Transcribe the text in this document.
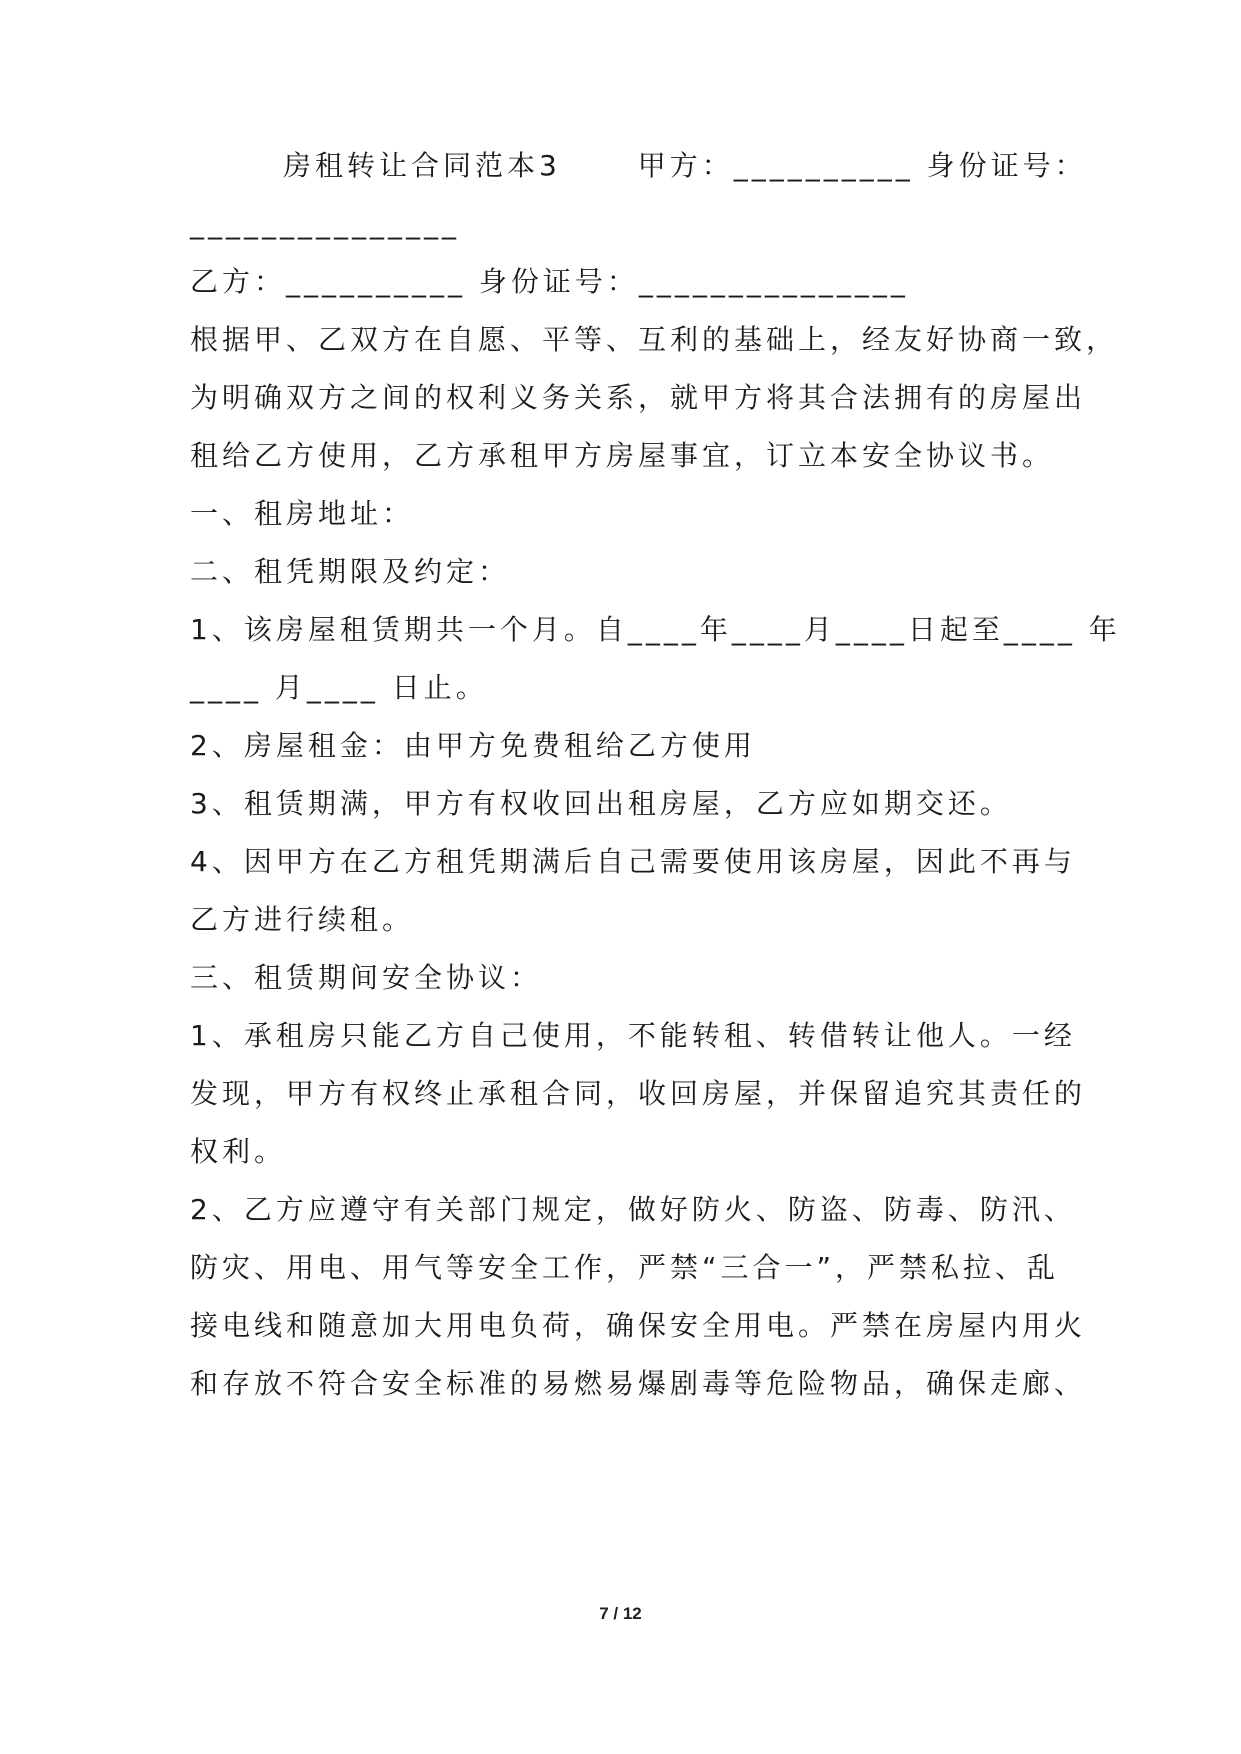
房租转让合同范本3　　 甲方：__________ 身份证号：
_______________
乙方：__________ 身份证号：_______________
根据甲、乙双方在自愿、平等、互利的基础上，经友好协商一致，
为明确双方之间的权利义务关系，就甲方将其合法拥有的房屋出
租给乙方使用，乙方承租甲方房屋事宜，订立本安全协议书。
一、租房地址：
二、租凭期限及约定：
1、该房屋租赁期共一个月。自____年____月____日起至____ 年
____ 月____ 日止。
2、房屋租金：由甲方免费租给乙方使用
3、租赁期满，甲方有权收回出租房屋，乙方应如期交还。
4、因甲方在乙方租凭期满后自己需要使用该房屋，因此不再与
乙方进行续租。
三、租赁期间安全协议：
1、承租房只能乙方自己使用，不能转租、转借转让他人。一经
发现，甲方有权终止承租合同，收回房屋，并保留追究其责任的
权利。
2、乙方应遵守有关部门规定，做好防火、防盗、防毒、防汛、
防灾、用电、用气等安全工作，严禁“三合一”，严禁私拉、乱
接电线和随意加大用电负荷，确保安全用电。严禁在房屋内用火
和存放不符合安全标准的易燃易爆剧毒等危险物品，确保走廊、
7 / 12
